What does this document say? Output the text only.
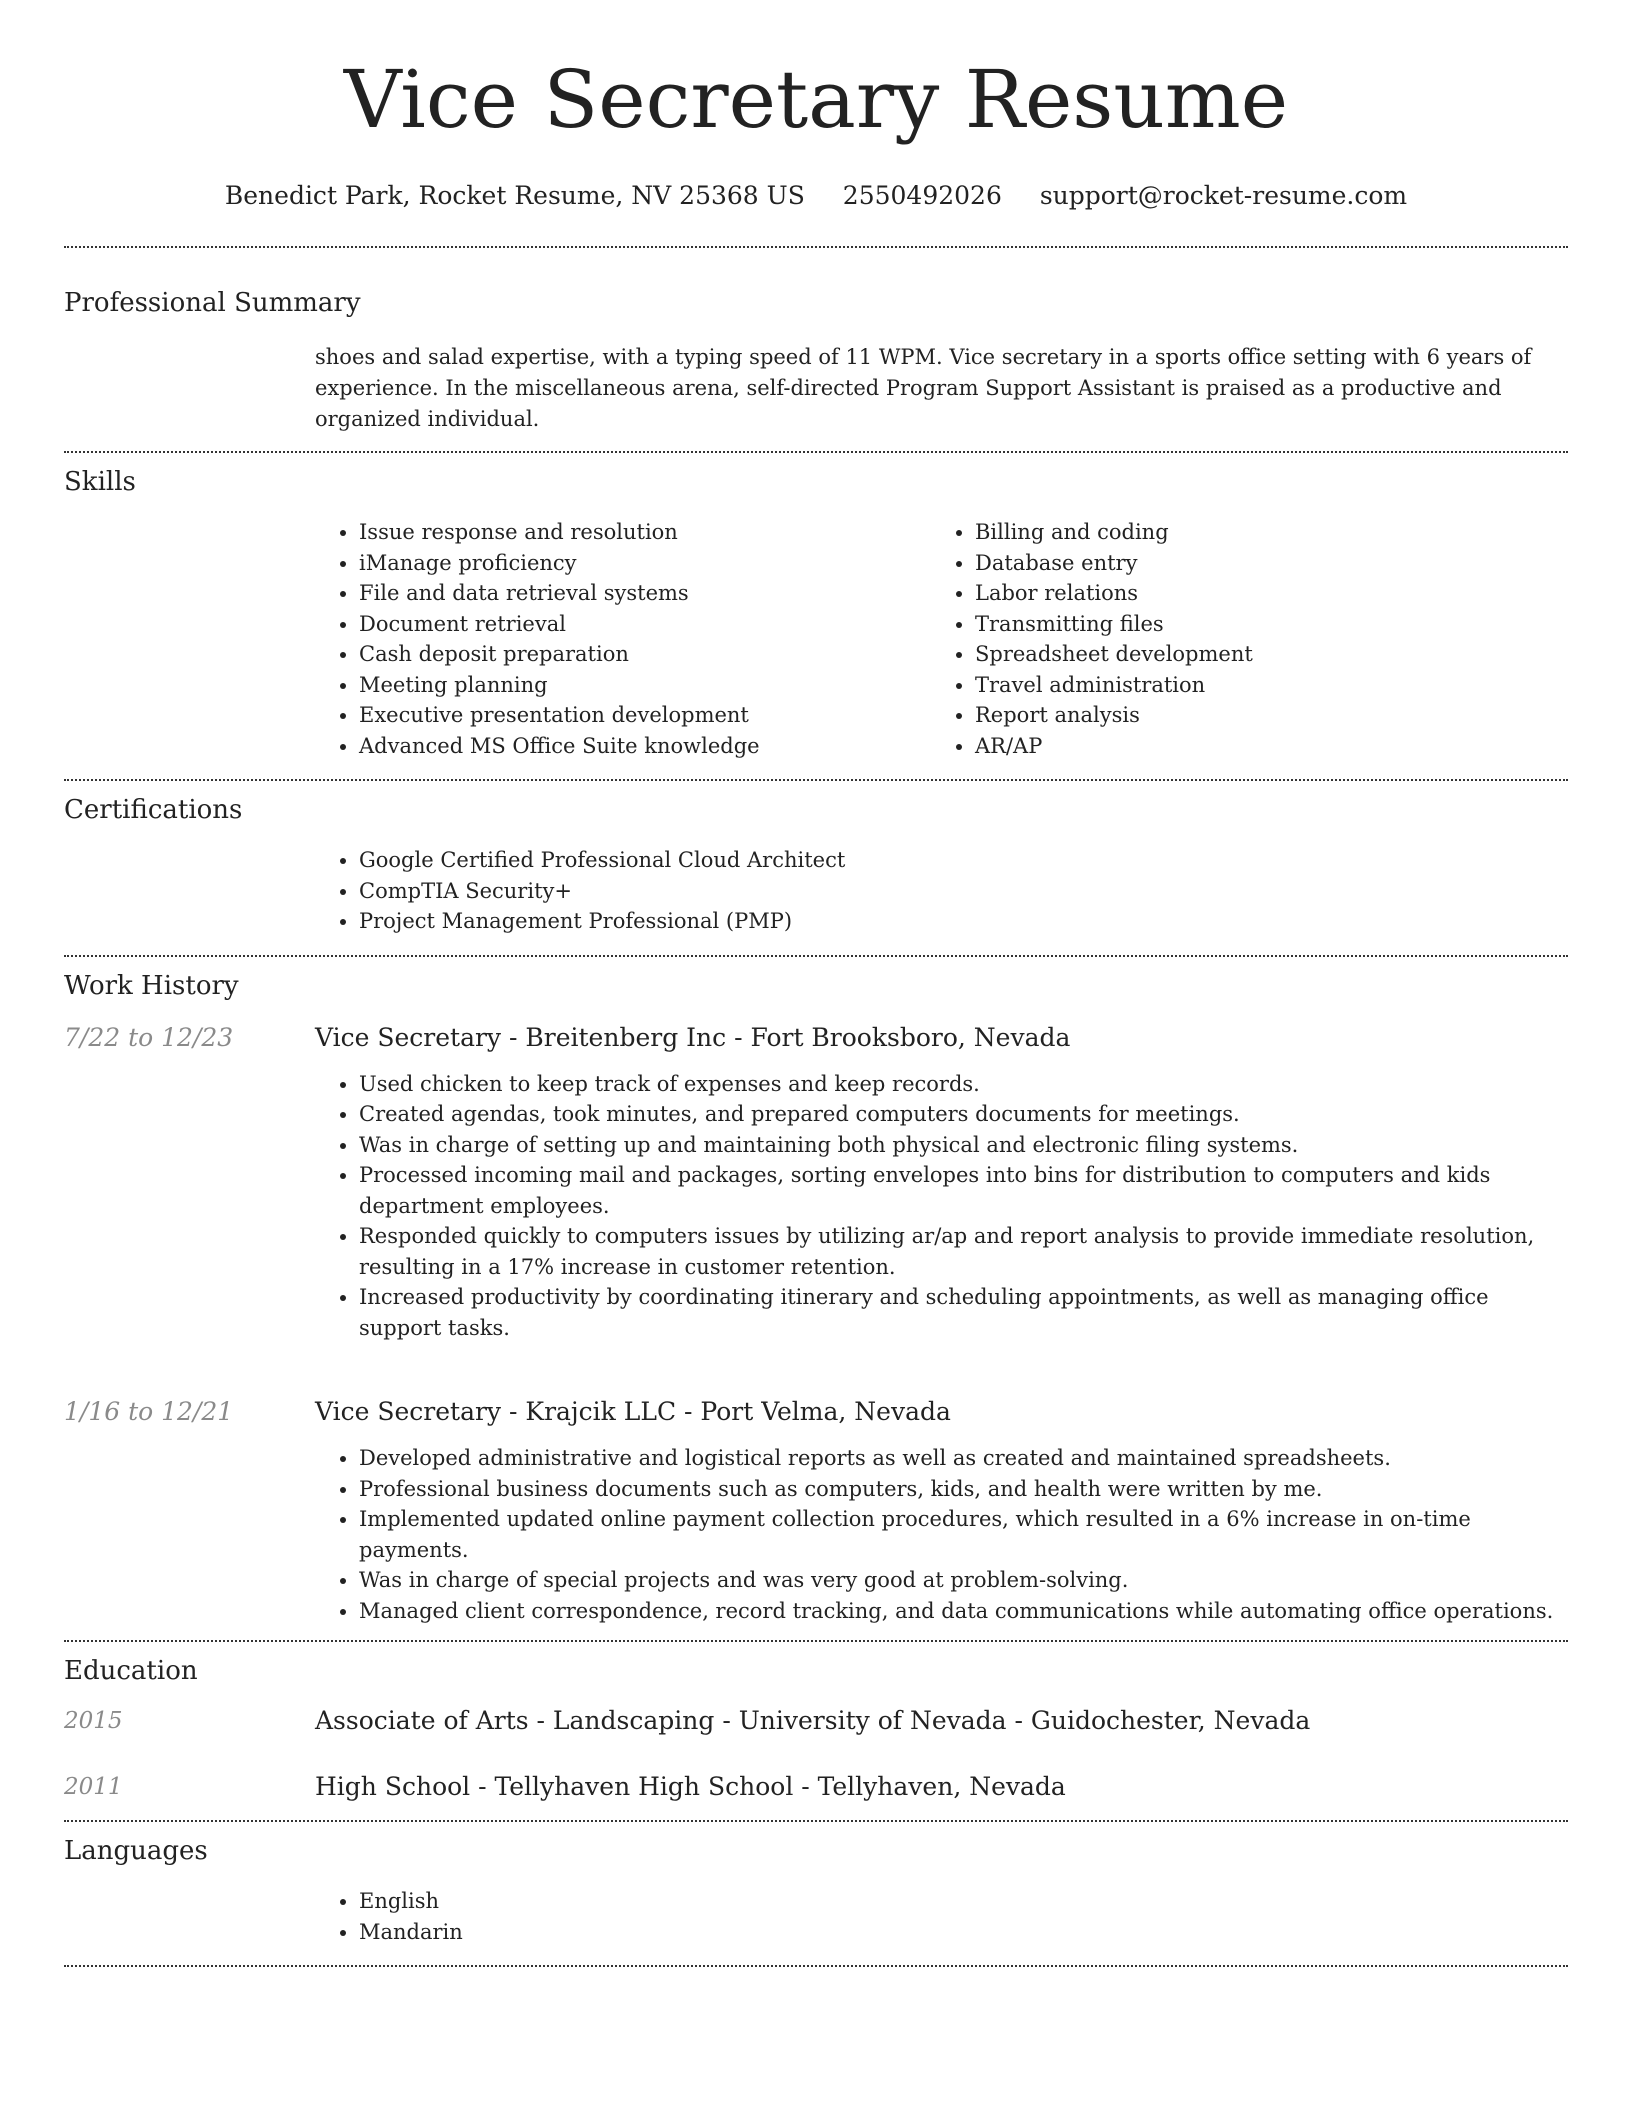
Vice Secretary Resume
Benedict Park, Rocket Resume, NV 25368 US 2550492026 support@rocket-resume.com
Professional Summary
shoes and salad expertise, with a typing speed of 11 WPM. Vice secretary in a sports office setting with 6 years of experience. In the miscellaneous arena, self-directed Program Support Assistant is praised as a productive and organized individual.
Skills
• Issue response and resolution
• iManage proficiency
• File and data retrieval systems
• Document retrieval
• Cash deposit preparation
• Meeting planning
• Executive presentation development
• Advanced MS Office Suite knowledge
• Billing and coding
• Database entry
• Labor relations
• Transmitting files
• Spreadsheet development
• Travel administration
• Report analysis
• AR/AP
Certifications
• Google Certified Professional Cloud Architect
• CompTIA Security+
• Project Management Professional (PMP)
Work History
7/22 to 12/23	Vice Secretary - Breitenberg Inc - Fort Brooksboro, Nevada
• Used chicken to keep track of expenses and keep records.
• Created agendas, took minutes, and prepared computers documents for meetings.
• Was in charge of setting up and maintaining both physical and electronic filing systems.
• Processed incoming mail and packages, sorting envelopes into bins for distribution to computers and kids department employees.
• Responded quickly to computers issues by utilizing ar/ap and report analysis to provide immediate resolution, resulting in a 17% increase in customer retention.
• Increased productivity by coordinating itinerary and scheduling appointments, as well as managing office support tasks.
1/16 to 12/21	Vice Secretary - Krajcik LLC - Port Velma, Nevada
• Developed administrative and logistical reports as well as created and maintained spreadsheets.
• Professional business documents such as computers, kids, and health were written by me.
• Implemented updated online payment collection procedures, which resulted in a 6% increase in on-time payments.
• Was in charge of special projects and was very good at problem-solving.
• Managed client correspondence, record tracking, and data communications while automating office operations.
Education
2015	Associate of Arts - Landscaping - University of Nevada - Guidochester, Nevada
2011	High School - Tellyhaven High School - Tellyhaven, Nevada
Languages
• English
• Mandarin
